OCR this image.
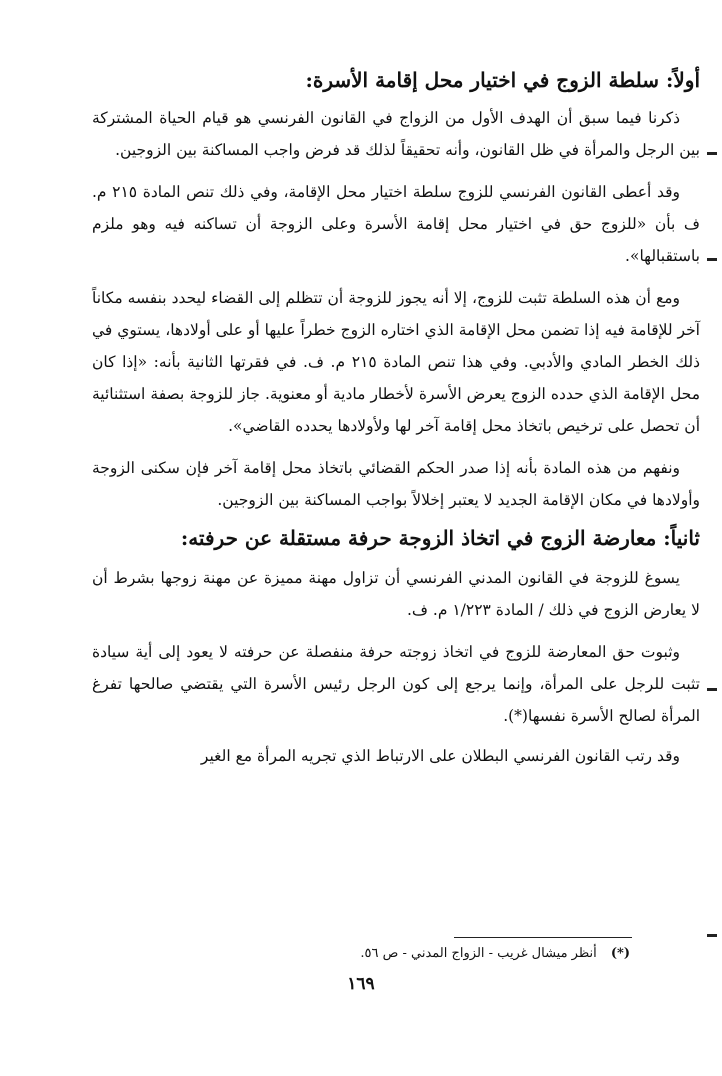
أولاً: سلطة الزوج في اختيار محل إقامة الأسرة:

ذكرنا فيما سبق أن الهدف الأول من الزواج في القانون الفرنسي هو قيام الحياة المشتركة بين الرجل والمرأة في ظل القانون، وأنه تحقيقاً لذلك قد فرض واجب المساكنة بين الزوجين.

وقد أعطى القانون الفرنسي للزوج سلطة اختيار محل الإقامة، وفي ذلك تنص المادة ٢١٥ م. ف بأن «للزوج حق في اختيار محل إقامة الأسرة وعلى الزوجة أن تساكنه فيه وهو ملزم باستقبالها».

ومع أن هذه السلطة تثبت للزوج، إلا أنه يجوز للزوجة أن تتظلم إلى القضاء ليحدد بنفسه مكاناً آخر للإقامة فيه إذا تضمن محل الإقامة الذي اختاره الزوج خطراً عليها أو على أولادها، يستوي في ذلك الخطر المادي والأدبي. وفي هذا تنص المادة ٢١٥ م. ف. في فقرتها الثانية بأنه: «إذا كان محل الإقامة الذي حدده الزوج يعرض الأسرة لأخطار مادية أو معنوية. جاز للزوجة بصفة استثنائية أن تحصل على ترخيص باتخاذ محل إقامة آخر لها ولأولادها يحدده القاضي».

ونفهم من هذه المادة بأنه إذا صدر الحكم القضائي باتخاذ محل إقامة آخر فإن سكنى الزوجة وأولادها في مكان الإقامة الجديد لا يعتبر إخلالاً بواجب المساكنة بين الزوجين.

ثانياً: معارضة الزوج في اتخاذ الزوجة حرفة مستقلة عن حرفته:

يسوغ للزوجة في القانون المدني الفرنسي أن تزاول مهنة مميزة عن مهنة زوجها بشرط أن لا يعارض الزوج في ذلك / المادة ١/٢٢٣ م. ف.

وثبوت حق المعارضة للزوج في اتخاذ زوجته حرفة منفصلة عن حرفته لا يعود إلى أية سيادة تثبت للرجل على المرأة، وإنما يرجع إلى كون الرجل رئيس الأسرة التي يقتضي صالحها تفرغ المرأة لصالح الأسرة نفسها(*).

وقد رتب القانون الفرنسي البطلان على الارتباط الذي تجريه المرأة مع الغير

(*) أنظر ميشال غريب - الزواج المدني - ص ٥٦.
١٦٩
